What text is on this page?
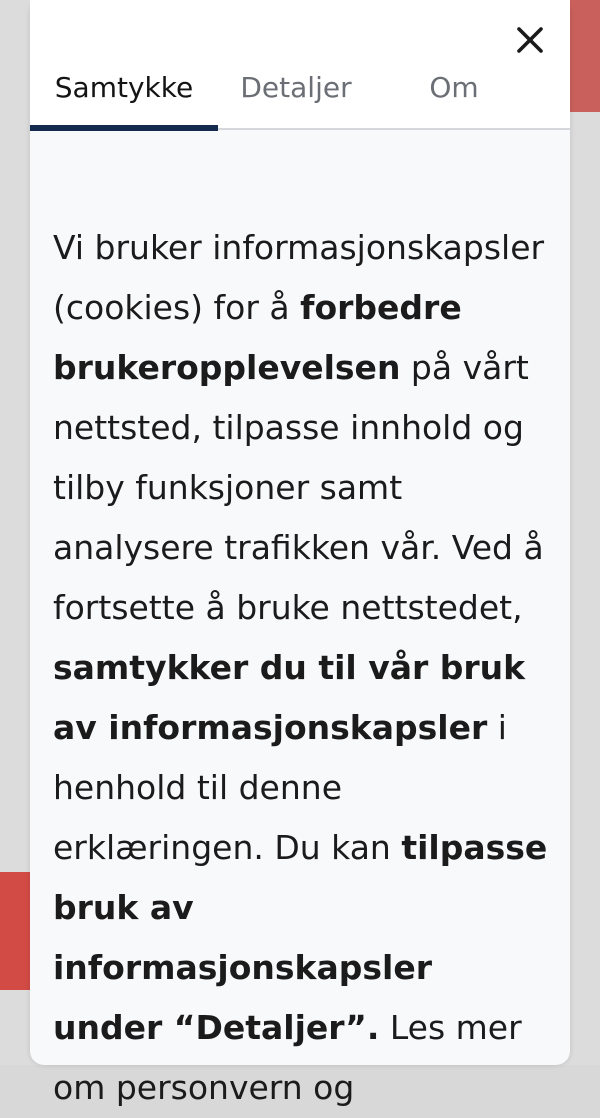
Samtykke	Detaljer	Om

Vi bruker informasjonskapsler (cookies) for å forbedre brukeropplevelsen på vårt nettsted, tilpasse innhold og tilby funksjoner samt analysere trafikken vår. Ved å fortsette å bruke nettstedet, samtykker du til vår bruk av informasjonskapsler i henhold til denne erklæringen. Du kan tilpasse bruk av informasjonskapsler under “Detaljer”. Les mer om personvern og
